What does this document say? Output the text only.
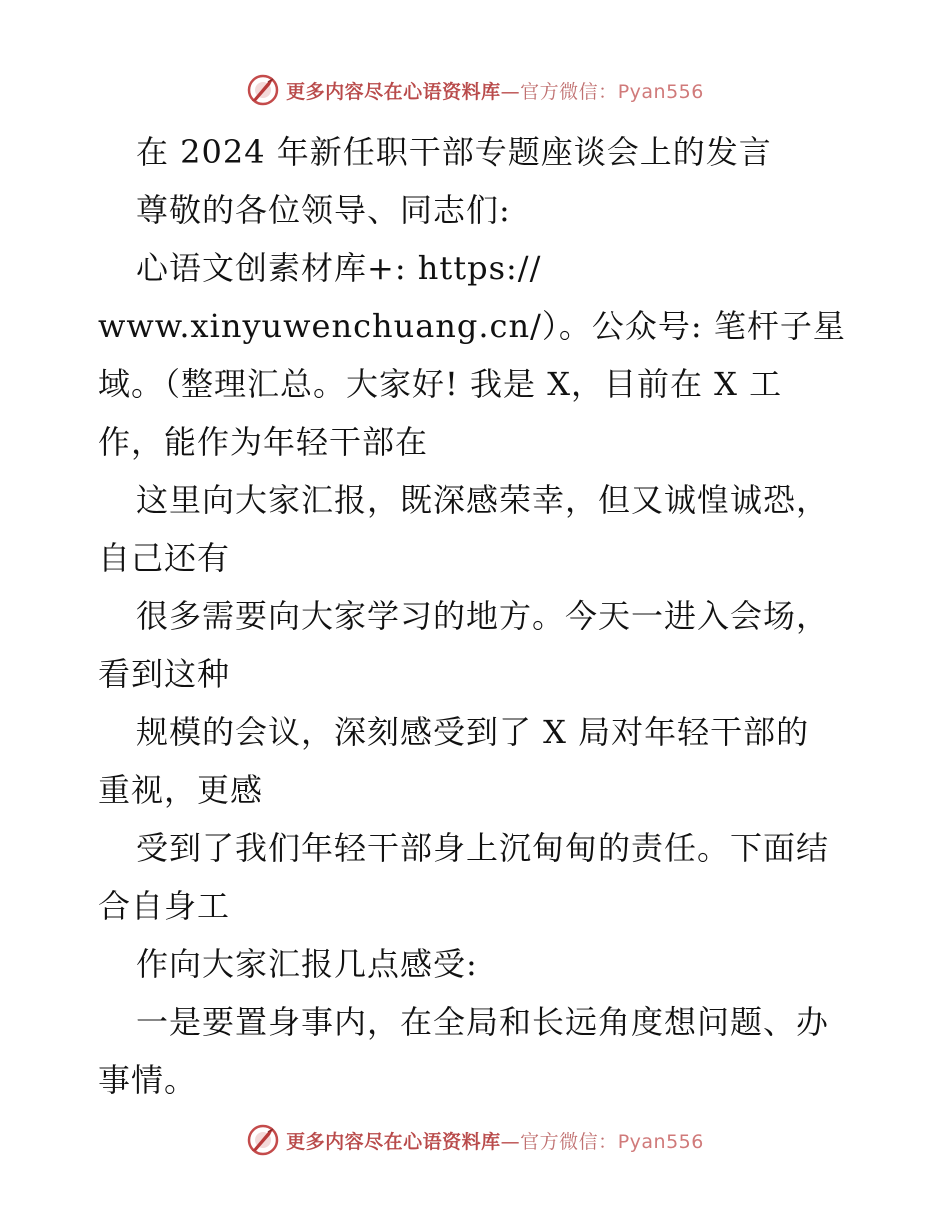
更多内容尽在心语资料库—官方微信：Pyan556
在 2024 年新任职干部专题座谈会上的发言
尊敬的各位领导、同志们:
心语文创素材库+: https://
www.xinyuwenchuang.cn/）。公众号: 笔杆子星
域。（整理汇总。大家好! 我是 X，目前在 X 工
作，能作为年轻干部在
这里向大家汇报，既深感荣幸，但又诚惶诚恐，
自己还有
很多需要向大家学习的地方。今天一进入会场，
看到这种
规模的会议，深刻感受到了 X 局对年轻干部的
重视，更感
受到了我们年轻干部身上沉甸甸的责任。下面结
合自身工
作向大家汇报几点感受:
一是要置身事内，在全局和长远角度想问题、办
事情。
更多内容尽在心语资料库—官方微信：Pyan556
